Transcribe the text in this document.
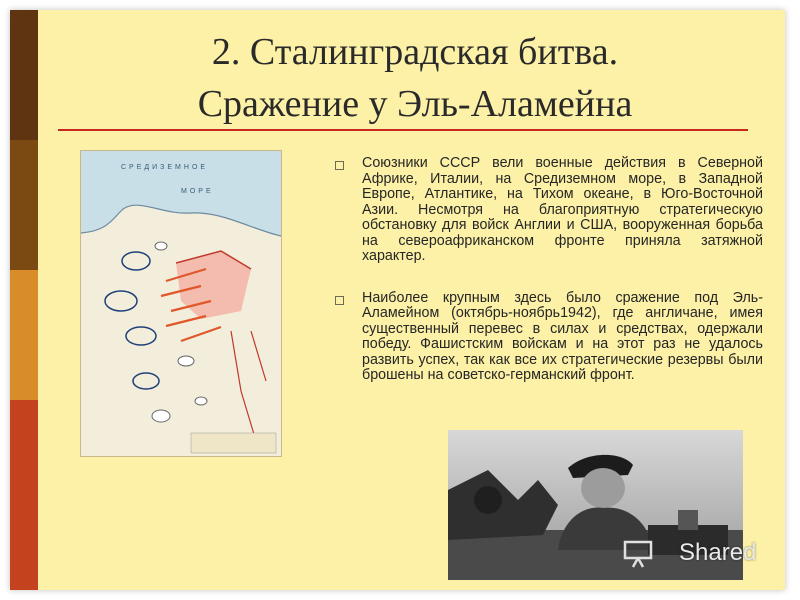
2. Сталинградская битва.
Сражение у Эль-Аламейна
СРЕДИЗЕМНОЕ
МОРЕ
Союзники СССР вели военные действия в Северной Африке, Италии, на Средиземном море, в Западной Европе, Атлантике, на Тихом океане, в Юго-Восточной Азии. Несмотря на благоприятную стратегическую обстановку для войск Англии и США, вооруженная борьба на североафриканском фронте приняла затяжной характер.
Наиболее крупным здесь было сражение под Эль-Аламейном (октябрь-ноябрь1942), где англичане, имея существенный перевес в силах и средствах, одержали победу. Фашистским войскам и на этот раз не удалось развить успех, так как все их стратегические резервы были брошены на советско-германский фронт.
Shared
